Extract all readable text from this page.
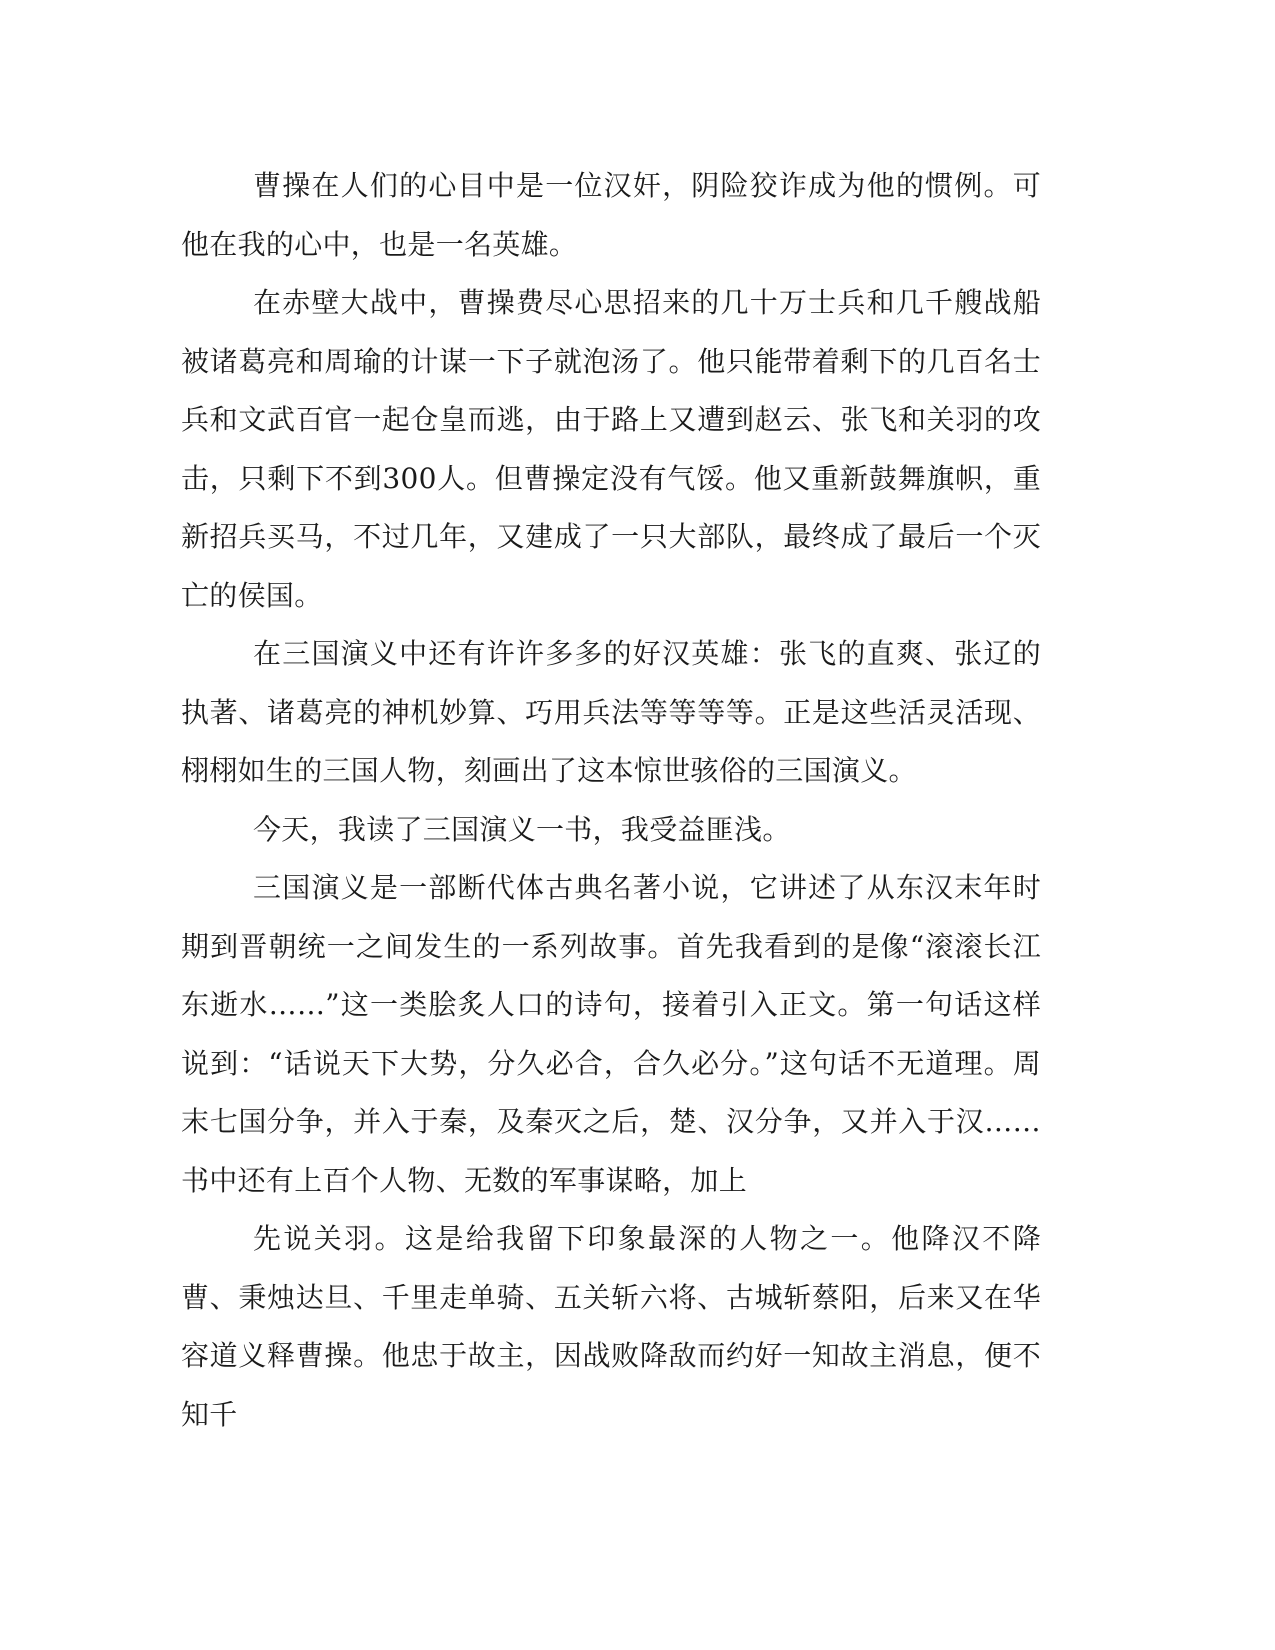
曹操在人们的心目中是一位汉奸，阴险狡诈成为他的惯例。可他在我的心中，也是一名英雄。

在赤壁大战中，曹操费尽心思招来的几十万士兵和几千艘战船被诸葛亮和周瑜的计谋一下子就泡汤了。他只能带着剩下的几百名士兵和文武百官一起仓皇而逃，由于路上又遭到赵云、张飞和关羽的攻击，只剩下不到300人。但曹操定没有气馁。他又重新鼓舞旗帜，重新招兵买马，不过几年，又建成了一只大部队，最终成了最后一个灭亡的侯国。

在三国演义中还有许许多多的好汉英雄：张飞的直爽、张辽的执著、诸葛亮的神机妙算、巧用兵法等等等等。正是这些活灵活现、栩栩如生的三国人物，刻画出了这本惊世骇俗的三国演义。

今天，我读了三国演义一书，我受益匪浅。

三国演义是一部断代体古典名著小说，它讲述了从东汉末年时期到晋朝统一之间发生的一系列故事。首先我看到的是像“滚滚长江东逝水……”这一类脍炙人口的诗句，接着引入正文。第一句话这样说到：“话说天下大势，分久必合，合久必分。”这句话不无道理。周末七国分争，并入于秦，及秦灭之后，楚、汉分争，又并入于汉……书中还有上百个人物、无数的军事谋略，加上

先说关羽。这是给我留下印象最深的人物之一。他降汉不降曹、秉烛达旦、千里走单骑、五关斩六将、古城斩蔡阳，后来又在华容道义释曹操。他忠于故主，因战败降敌而约好一知故主消息，便不知千
